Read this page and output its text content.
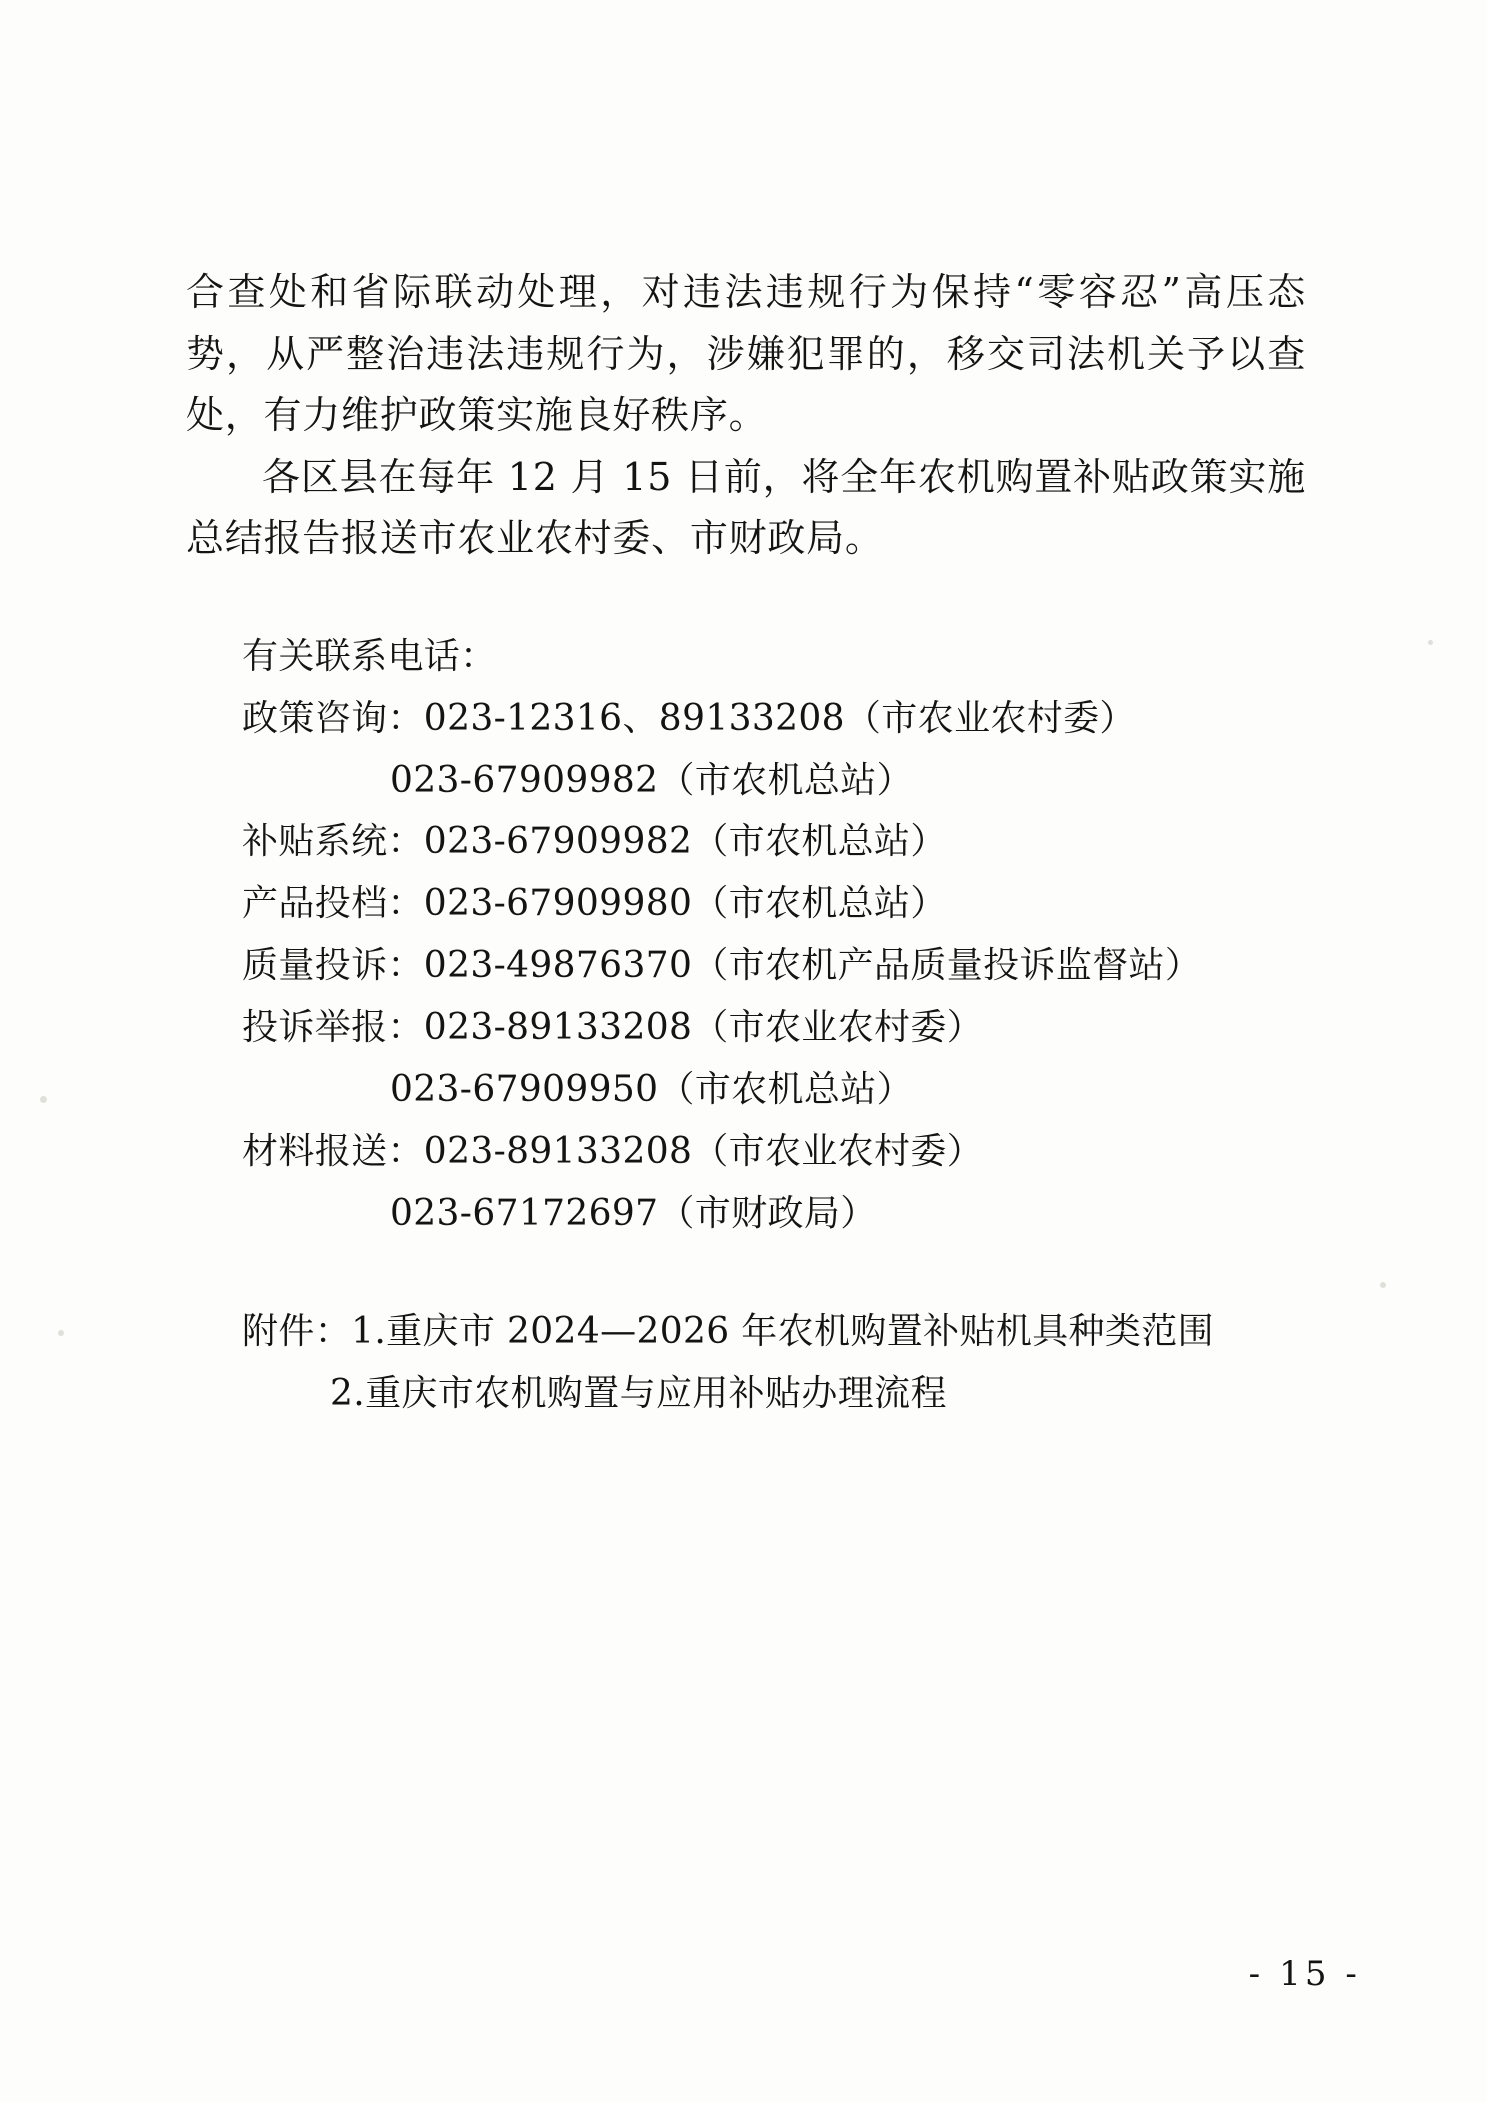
合查处和省际联动处理，对违法违规行为保持“零容忍”高压态势，从严整治违法违规行为，涉嫌犯罪的，移交司法机关予以查处，有力维护政策实施良好秩序。

各区县在每年 12 月 15 日前，将全年农机购置补贴政策实施总结报告报送市农业农村委、市财政局。

有关联系电话：
政策咨询：023-12316、89133208（市农业农村委）
023-67909982（市农机总站）
补贴系统：023-67909982（市农机总站）
产品投档：023-67909980（市农机总站）
质量投诉：023-49876370（市农机产品质量投诉监督站）
投诉举报：023-89133208（市农业农村委）
023-67909950（市农机总站）
材料报送：023-89133208（市农业农村委）
023-67172697（市财政局）
附件：1.重庆市 2024—2026 年农机购置补贴机具种类范围
2.重庆市农机购置与应用补贴办理流程
- 15 -
